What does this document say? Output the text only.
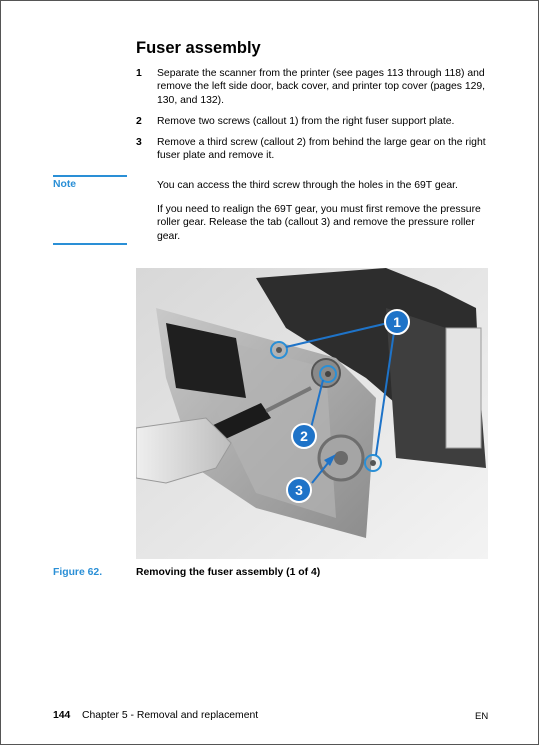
Fuser assembly
1 Separate the scanner from the printer (see pages 113 through 118) and remove the left side door, back cover, and printer top cover (pages 129, 130, and 132).
2 Remove two screws (callout 1) from the right fuser support plate.
3 Remove a third screw (callout 2) from behind the large gear on the right fuser plate and remove it.
Note	You can access the third screw through the holes in the 69T gear.
If you need to realign the 69T gear, you must first remove the pressure roller gear. Release the tab (callout 3) and remove the pressure roller gear.
1
2
3
Figure 62.	Removing the fuser assembly (1 of 4)
144 Chapter 5 - Removal and replacement	EN
